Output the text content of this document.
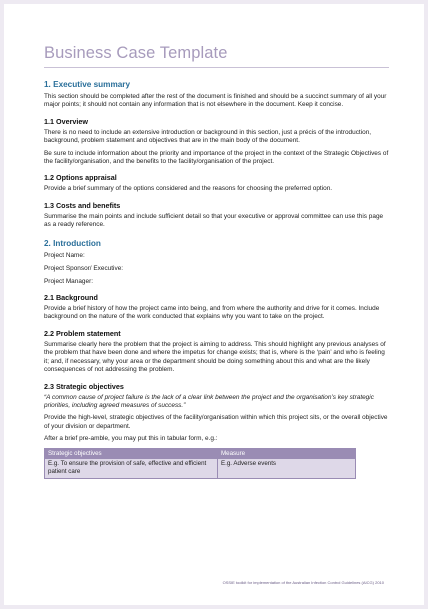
Business Case Template
1. Executive summary

This section should be completed after the rest of the document is finished and should be a succinct summary of all your major points; it should not contain any information that is not elsewhere in the document. Keep it concise.

1.1 Overview

There is no need to include an extensive introduction or background in this section, just a précis of the introduction, background, problem statement and objectives that are in the main body of the document.

Be sure to include information about the priority and importance of the project in the context of the Strategic Objectives of the facility/organisation, and the benefits to the facility/organisation of the project.

1.2 Options appraisal

Provide a brief summary of the options considered and the reasons for choosing the preferred option.

1.3 Costs and benefits

Summarise the main points and include sufficient detail so that your executive or approval committee can use this page as a ready reference.

2. Introduction

Project Name:

Project Sponsor/ Executive:

Project Manager:

2.1 Background

Provide a brief history of how the project came into being, and from where the authority and drive for it comes. Include background on the nature of the work conducted that explains why you want to take on the project.

2.2 Problem statement

Summarise clearly here the problem that the project is aiming to address. This should highlight any previous analyses of the problem that have been done and where the impetus for change exists; that is, where is the ‘pain’ and who is feeling it; and, if necessary, why your area or the department should be doing something about this and what are the likely consequences of not addressing the problem.

2.3 Strategic objectives

“A common cause of project failure is the lack of a clear link between the project and the organisation’s key strategic priorities, including agreed measures of success.”

Provide the high-level, strategic objectives of the facility/organisation within which this project sits, or the overall objective of your division or department.

After a brief pre-amble, you may put this in tabular form, e.g.:

Strategic objectives	Measure
E.g. To ensure the provision of safe, effective and efficient patient care	E.g. Adverse events
OSSIE toolkit for implementation of the Australian Infection Control Guidelines (AICG) 2010
